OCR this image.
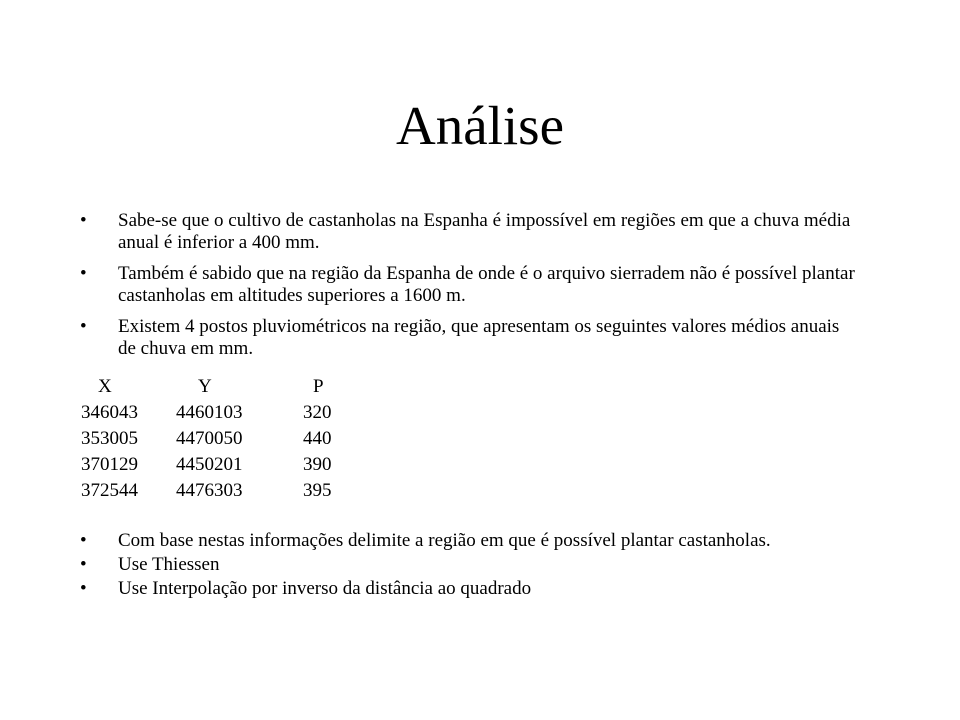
Análise
• Sabe-se que o cultivo de castanholas na Espanha é impossível em regiões em que a chuva média anual é inferior a 400 mm.
• Também é sabido que na região da Espanha de onde é o arquivo sierradem não é possível plantar castanholas em altitudes superiores a 1600 m.
• Existem 4 postos pluviométricos na região, que apresentam os seguintes valores médios anuais de chuva em mm.
X	Y	P
346043	4460103	320
353005	4470050	440
370129	4450201	390
372544	4476303	395
• Com base nestas informações delimite a região em que é possível plantar castanholas.
• Use Thiessen
• Use Interpolação por inverso da distância ao quadrado
